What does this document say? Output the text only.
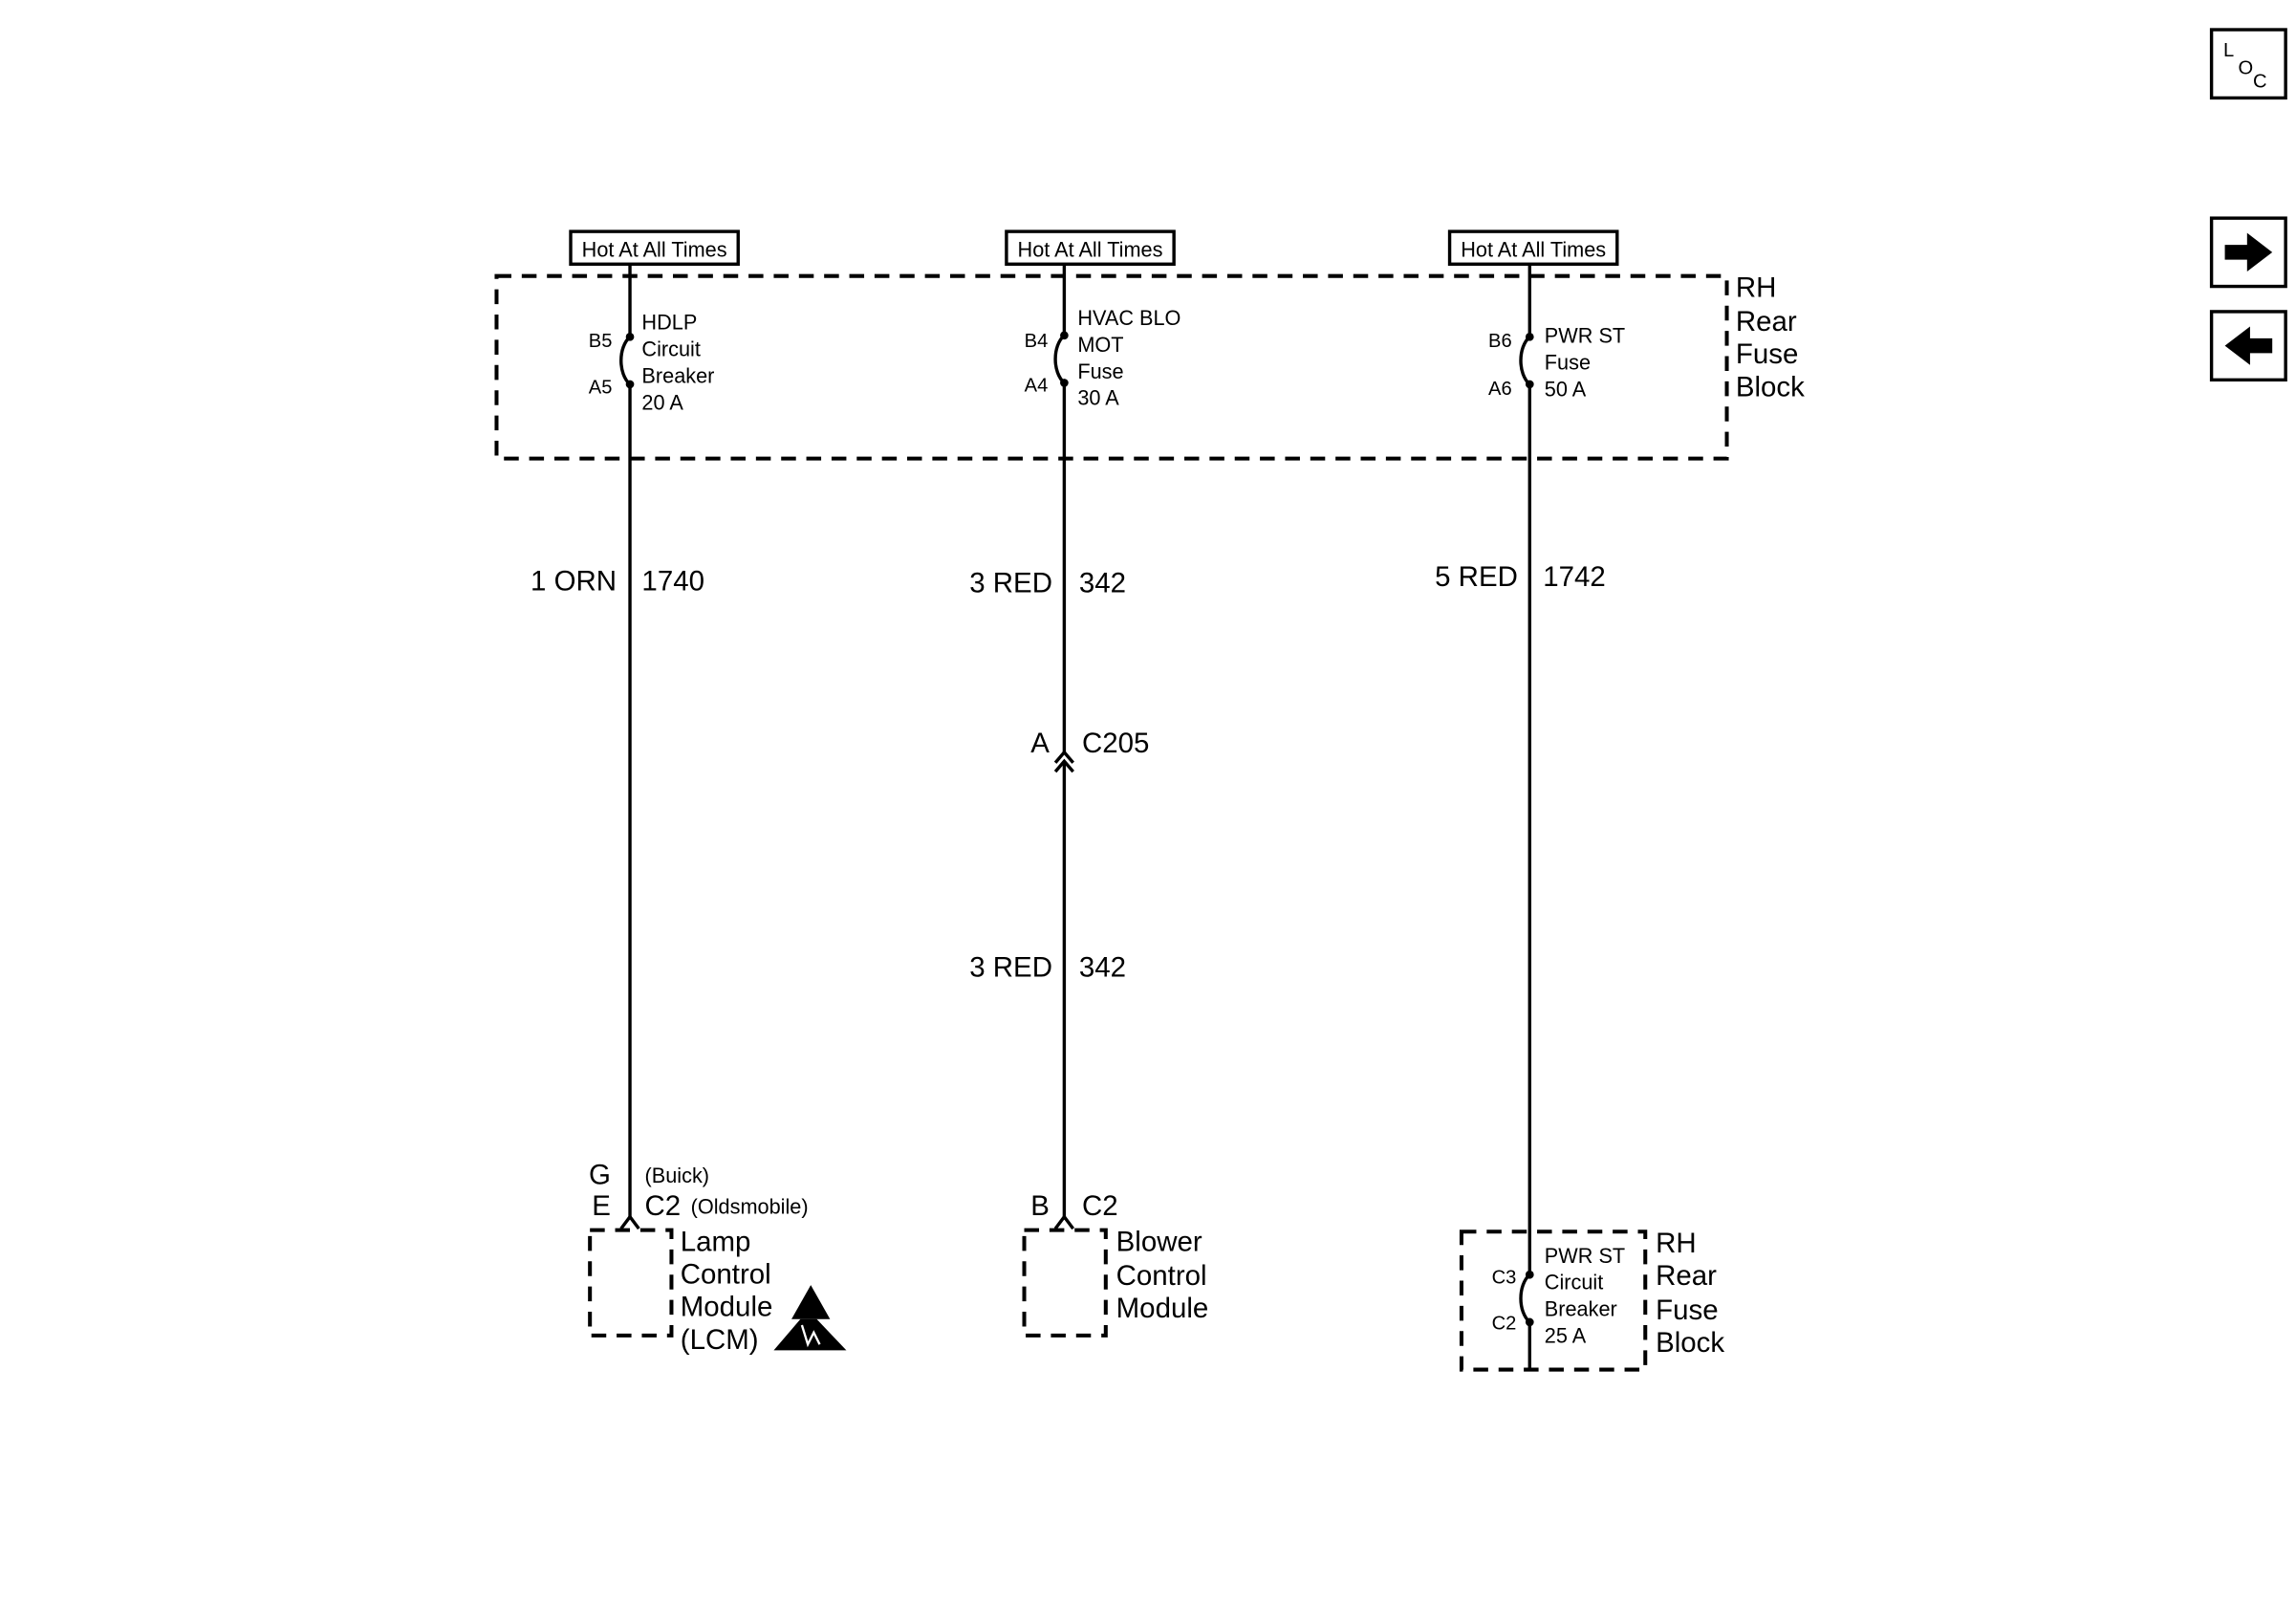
L
O
C
Hot At All Times	Hot At All Times	Hot At All Times
RH
Rear
Fuse
Block
B5
A5
HDLP
Circuit
Breaker
20 A
1 ORN 1740
G
E
(Buick)
C2 (Oldsmobile)
Lamp
Control
Module
(LCM)
B4
A4
HVAC BLO
MOT
Fuse
30 A
3 RED 342
A C205
3 RED 342
B C2
Blower
Control
Module
B6
A6
PWR ST
Fuse
50 A
5 RED 1742
C3
C2
PWR ST
Circuit
Breaker
25 A
RH
Rear
Fuse
Block
